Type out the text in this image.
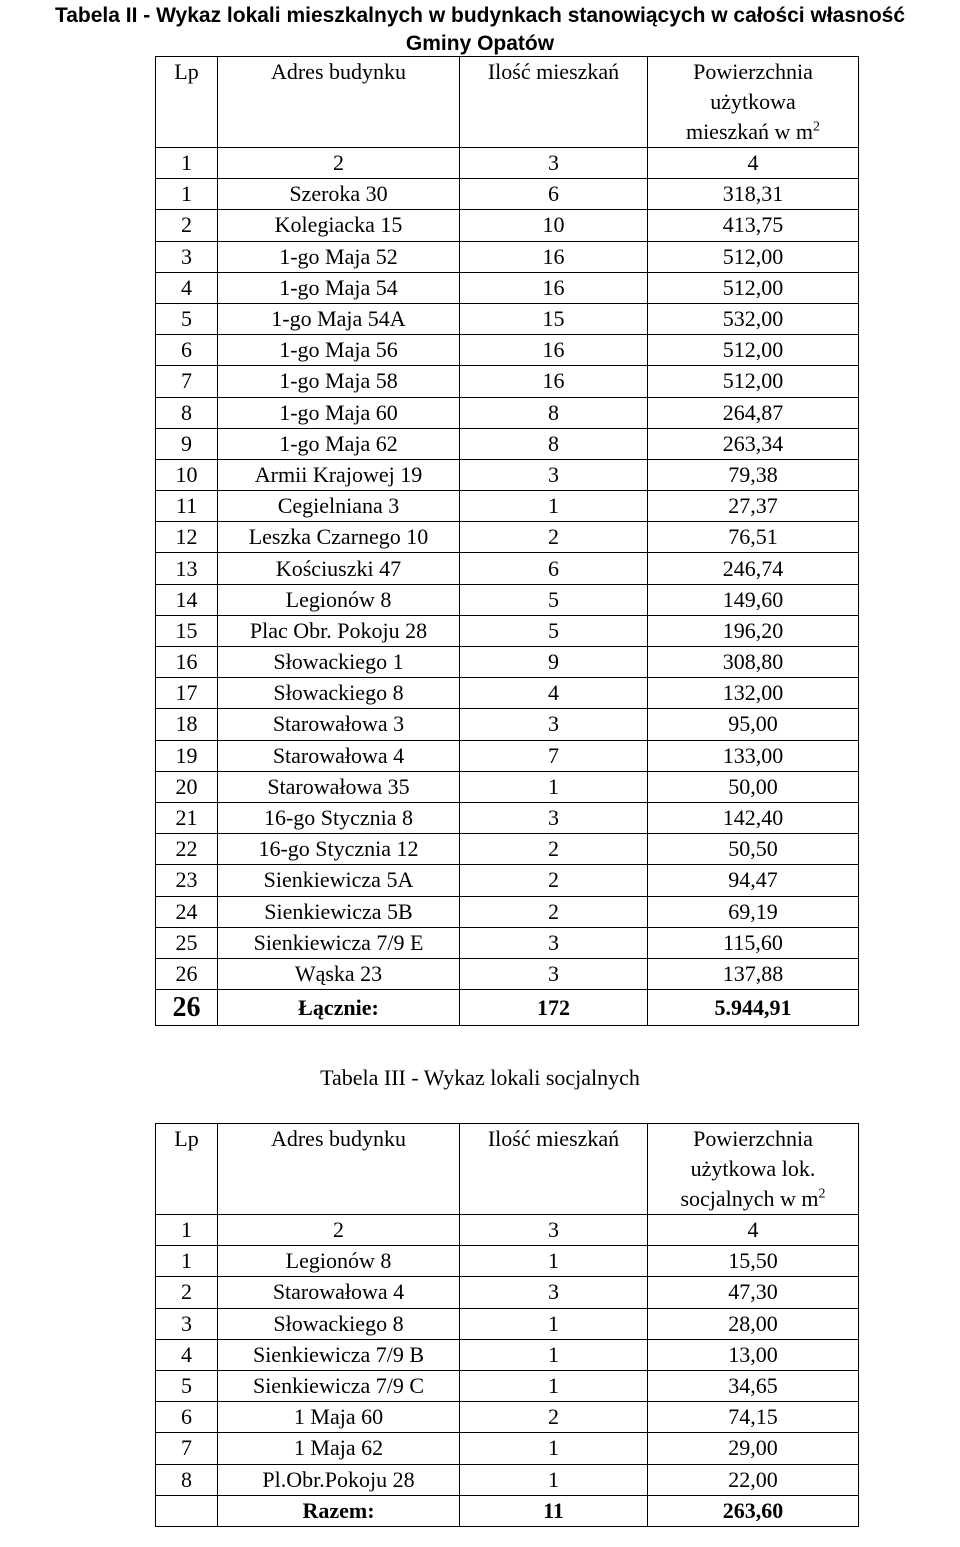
Tabela II - Wykaz lokali mieszkalnych w budynkach stanowiących w całości własność
Gminy Opatów
Lp	Adres budynku	Ilość mieszkań	Powierzchnia
użytkowa
mieszkań w $m^2$

1	2	3	4
1	Szeroka 30	6	318,31
2	Kolegiacka 15	10	413,75
3	1-go Maja 52	16	512,00
4	1-go Maja 54	16	512,00
5	1-go Maja 54A	15	532,00
6	1-go Maja 56	16	512,00
7	1-go Maja 58	16	512,00
8	1-go Maja 60	8	264,87
9	1-go Maja 62	8	263,34
10	Armii Krajowej 19	3	79,38
11	Cegielniana 3	1	27,37
12	Leszka Czarnego 10	2	76,51
13	Kościuszki 47	6	246,74
14	Legionów 8	5	149,60
15	Plac Obr. Pokoju 28	5	196,20
16	Słowackiego 1	9	308,80
17	Słowackiego 8	4	132,00
18	Starowałowa 3	3	95,00
19	Starowałowa 4	7	133,00
20	Starowałowa 35	1	50,00
21	16-go Stycznia 8	3	142,40
22	16-go Stycznia 12	2	50,50
23	Sienkiewicza 5A	2	94,47
24	Sienkiewicza 5B	2	69,19
25	Sienkiewicza 7/9 E	3	115,60
26	Wąska 23	3	137,88
26	Łącznie:	172	5.944,91
Tabela III - Wykaz lokali socjalnych
Lp	Adres budynku	Ilość mieszkań	Powierzchnia
użytkowa lok.
socjalnych w $m^2$

1	2	3	4
1	Legionów 8	1	15,50
2	Starowałowa 4	3	47,30
3	Słowackiego 8	1	28,00
4	Sienkiewicza 7/9 B	1	13,00
5	Sienkiewicza 7/9 C	1	34,65
6	1 Maja 60	2	74,15
7	1 Maja 62	1	29,00
8	Pl.Obr.Pokoju 28	1	22,00
	Razem:	11	263,60
